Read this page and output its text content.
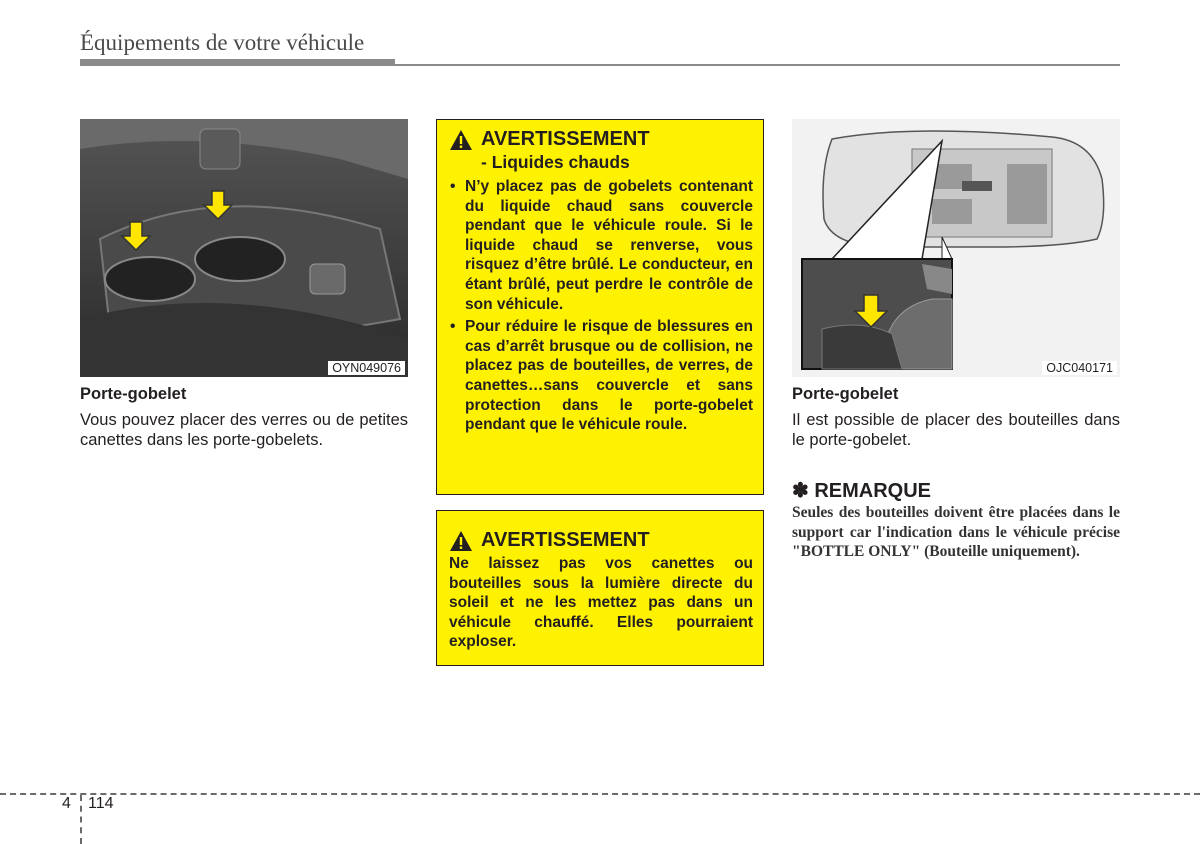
Équipements de votre véhicule
OYN049076
Porte-gobelet
Vous pouvez placer des verres ou de petites canettes dans les porte-gobelets.
AVERTISSEMENT
- Liquides chauds
• N’y placez pas de gobelets contenant du liquide chaud sans couvercle pendant que le véhicule roule. Si le liquide chaud se renverse, vous risquez d’être brûlé. Le conducteur, en étant brûlé, peut perdre le contrôle de son véhicule.
• Pour réduire le risque de blessures en cas d’arrêt brusque ou de collision, ne placez pas de bouteilles, de verres, de canettes…sans couvercle et sans protection dans le porte-gobelet pendant que le véhicule roule.
AVERTISSEMENT

Ne laissez pas vos canettes ou bouteilles sous la lumière directe du soleil et ne les mettez pas dans un véhicule chauffé. Elles pourraient exploser.

OJC040171
Porte-gobelet
Il est possible de placer des bouteilles dans le porte-gobelet.
✽ REMARQUE
Seules des bouteilles doivent être placées dans le support car l'indication dans le véhicule précise "BOTTLE ONLY" (Bouteille uniquement).
4 114
